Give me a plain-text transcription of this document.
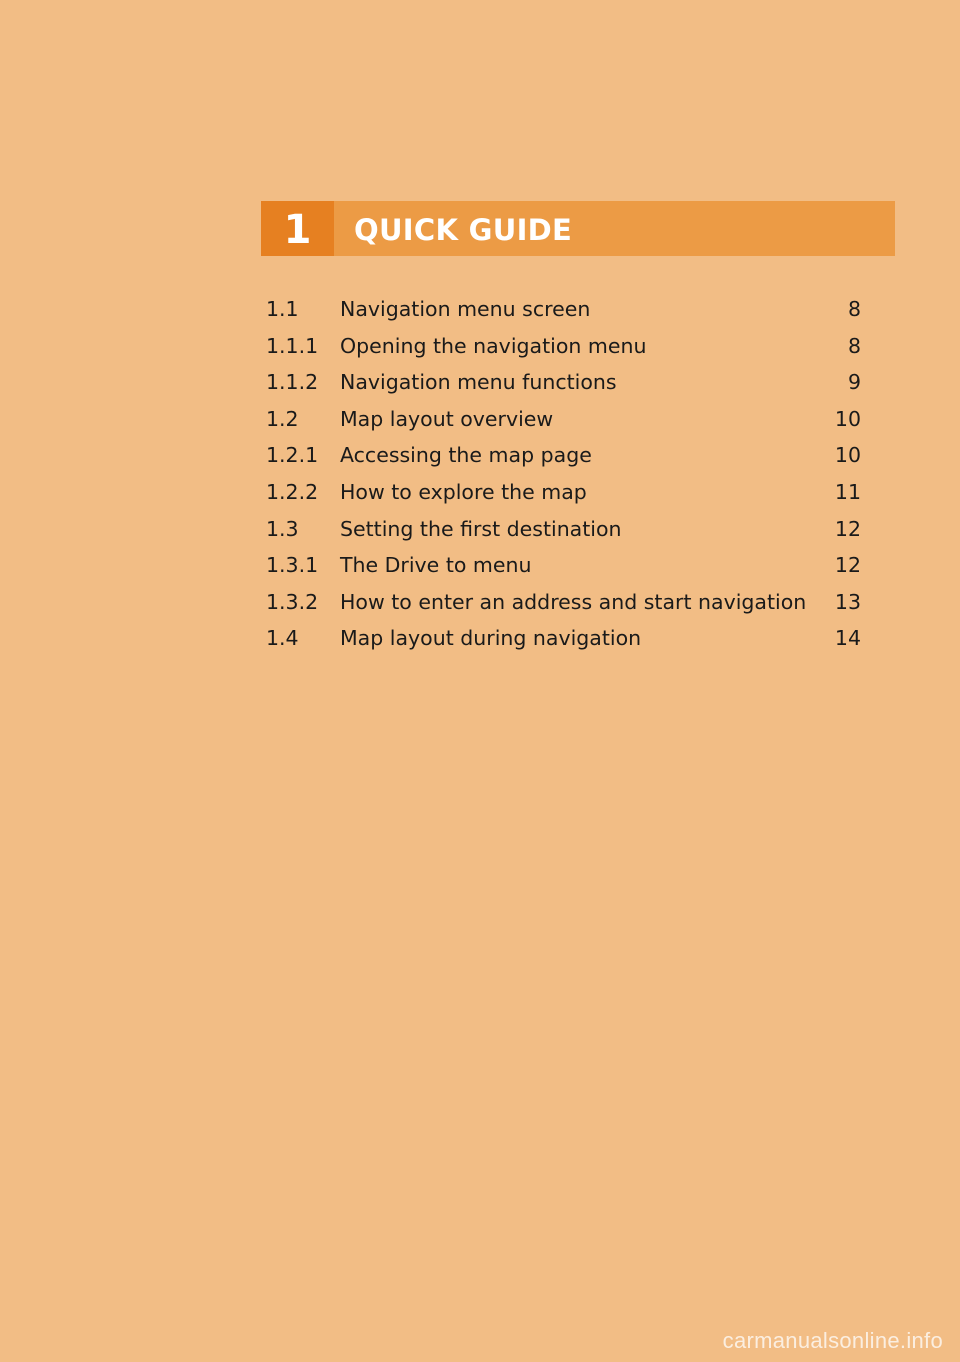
1	QUICK GUIDE
1.1	Navigation menu screen	8
1.1.1	Opening the navigation menu	8
1.1.2	Navigation menu functions	9
1.2	Map layout overview	10
1.2.1	Accessing the map page	10
1.2.2	How to explore the map	11
1.3	Setting the first destination	12
1.3.1	The Drive to menu	12
1.3.2	How to enter an address and start navigation	13
1.4	Map layout during navigation	14
carmanualsonline.info
